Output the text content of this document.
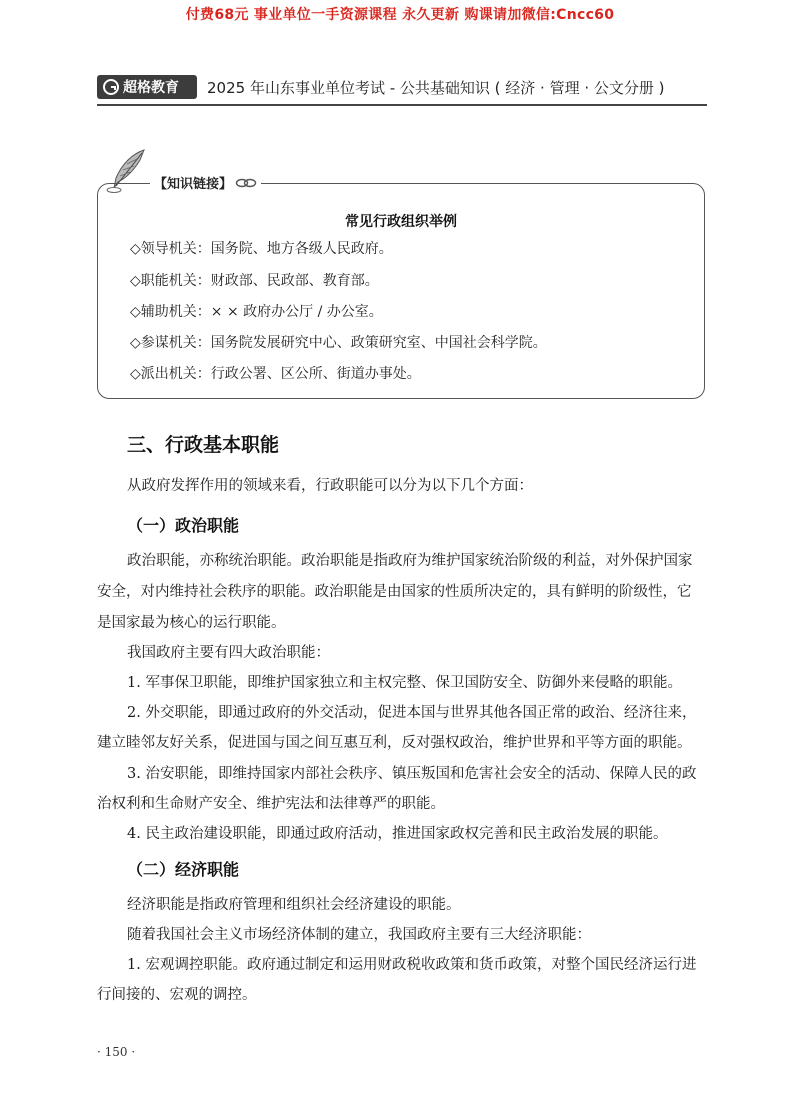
付费68元 事业单位一手资源课程 永久更新 购课请加微信:Cncc60
超格教育 2025 年山东事业单位考试 - 公共基础知识 ( 经济 · 管理 · 公文分册 )
【知识链接】
常见行政组织举例
◇领导机关：国务院、地方各级人民政府。
◇职能机关：财政部、民政部、教育部。
◇辅助机关：× × 政府办公厅 / 办公室。
◇参谋机关：国务院发展研究中心、政策研究室、中国社会科学院。
◇派出机关：行政公署、区公所、街道办事处。
三、行政基本职能
从政府发挥作用的领域来看，行政职能可以分为以下几个方面：
（一）政治职能
政治职能，亦称统治职能。政治职能是指政府为维护国家统治阶级的利益，对外保护国家
安全，对内维持社会秩序的职能。政治职能是由国家的性质所决定的，具有鲜明的阶级性，它
是国家最为核心的运行职能。
我国政府主要有四大政治职能：
1. 军事保卫职能，即维护国家独立和主权完整、保卫国防安全、防御外来侵略的职能。
2. 外交职能，即通过政府的外交活动，促进本国与世界其他各国正常的政治、经济往来，
建立睦邻友好关系，促进国与国之间互惠互利，反对强权政治，维护世界和平等方面的职能。
3. 治安职能，即维持国家内部社会秩序、镇压叛国和危害社会安全的活动、保障人民的政
治权利和生命财产安全、维护宪法和法律尊严的职能。
4. 民主政治建设职能，即通过政府活动，推进国家政权完善和民主政治发展的职能。
（二）经济职能
经济职能是指政府管理和组织社会经济建设的职能。
随着我国社会主义市场经济体制的建立，我国政府主要有三大经济职能：
1. 宏观调控职能。政府通过制定和运用财政税收政策和货币政策，对整个国民经济运行进
行间接的、宏观的调控。
· 150 ·
